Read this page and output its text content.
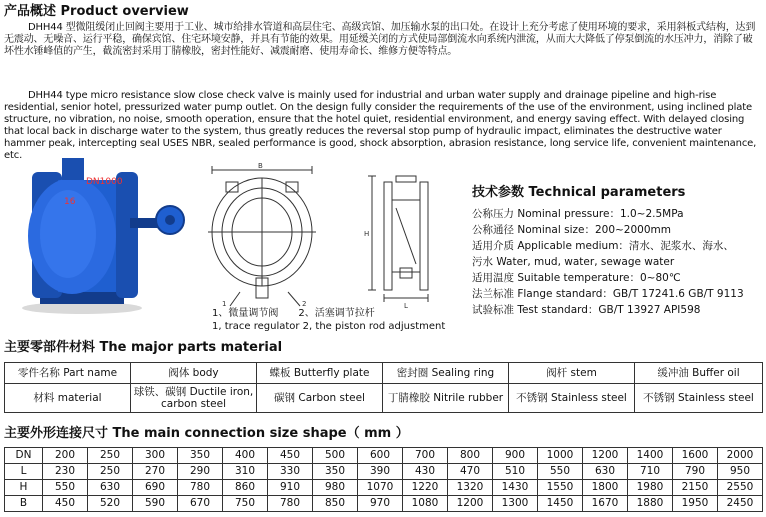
产品概述 Product overview
DHH44 型微阻缓闭止回阀主要用于工业、城市给排水管道和高层住宅、高级宾馆、加压输水泵的出口处。在设计上充分考虑了使用环境的要求，采用斜板式结构，达到无震动、无噪音、运行平稳，确保宾馆、住宅环境安静，并具有节能的效果。用延缓关闭的方式使局部倒流水向系统内泄流，从而大大降低了停泵倒流的水压冲力，消除了破坏性水锤峰值的产生，截流密封采用丁腈橡胶，密封性能好、减震耐磨、使用寿命长、维修方便等特点。
DHH44 type micro resistance slow close check valve is mainly used for industrial and urban water supply and drainage pipeline and high-rise residential, senior hotel, pressurized water pump outlet. On the design fully consider the requirements of the use of the environment, using inclined plate structure, no vibration, no noise, smooth operation, ensure that the hotel quiet, residential environment, and energy saving effect. With delayed closing that local back in discharge water to the system, thus greatly reduces the reversal stop pump of hydraulic impact, eliminates the destructive water hammer peak, intercepting seal USES NBR, sealed performance is good, shock absorption, abrasion resistance, long service life, convenient maintenance, etc.
DN1000
16
B
H
L
1	2
1、微量调节阀　　2、活塞调节拉杆
1, trace regulator 2, the piston rod adjustment
技术参数 Technical parameters
公称压力 Nominal pressure：1.0~2.5MPa
公称通径 Nominal size：200~2000mm
适用介质 Applicable medium：清水、泥浆水、海水、
污水 Water, mud, water, sewage water
适用温度 Suitable temperature：0~80℃
法兰标准 Flange standard：GB/T 17241.6 GB/T 9113
试验标准 Test standard：GB/T 13927 API598
主要零部件材料 The major parts material
零件名称 Part name	阀体 body	蝶板 Butterfly plate	密封圈 Sealing ring	阀杆 stem	缓冲油 Buffer oil
材料 material	球铁、碳钢 Ductile iron, carbon steel	碳钢 Carbon steel	丁腈橡胶 Nitrile rubber	不锈钢 Stainless steel	不锈钢 Stainless steel
主要外形连接尺寸 The main connection size shape（ mm ）
DN	200	250	300	350	400	450	500	600	700	800	900	1000	1200	1400	1600	2000
L	230	250	270	290	310	330	350	390	430	470	510	550	630	710	790	950
H	550	630	690	780	860	910	980	1070	1220	1320	1430	1550	1800	1980	2150	2550
B	450	520	590	670	750	780	850	970	1080	1200	1300	1450	1670	1880	1950	2450
